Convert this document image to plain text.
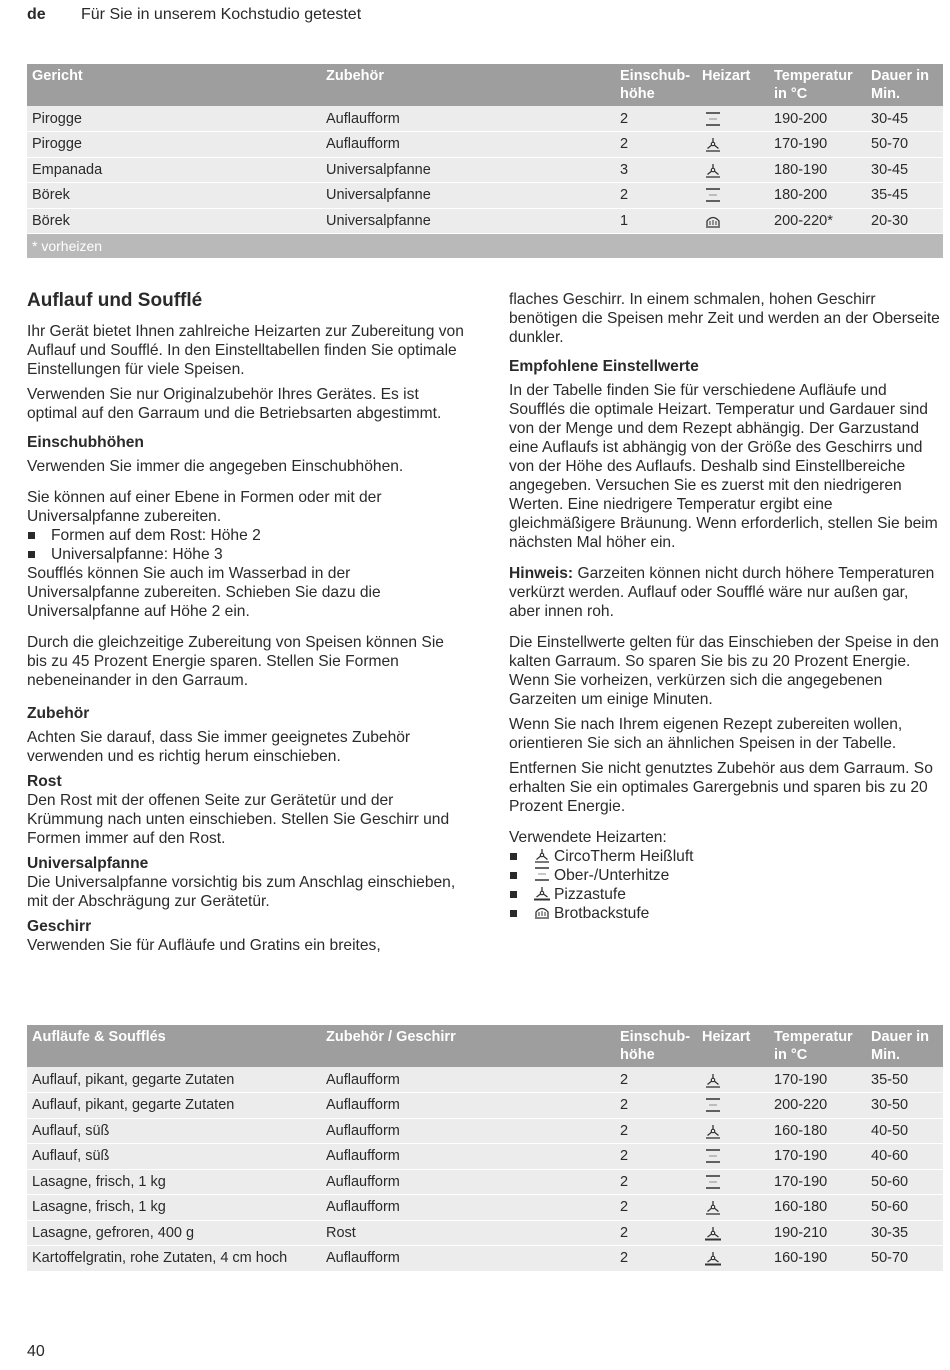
de Für Sie in unserem Kochstudio getestet
Gericht	Zubehör	Einschub-höhe	Heizart	Temperatur in °C	Dauer in Min.
Pirogge	Auflaufform	2		190-200	30-45
Pirogge	Auflaufform	2		170-190	50-70
Empanada	Universalpfanne	3		180-190	30-45
Börek	Universalpfanne	2		180-200	35-45
Börek	Universalpfanne	1		200-220*	20-30
* vorheizen					
Auflauf und Soufflé

Ihr Gerät bietet Ihnen zahlreiche Heizarten zur Zubereitung von Auflauf und Soufflé. In den Einstelltabellen finden Sie optimale Einstellungen für viele Speisen.

Verwenden Sie nur Originalzubehör Ihres Gerätes. Es ist optimal auf den Garraum und die Betriebsarten abgestimmt.

Einschubhöhen

Verwenden Sie immer die angegeben Einschubhöhen.

Sie können auf einer Ebene in Formen oder mit der Universalpfanne zubereiten.

Formen auf dem Rost: Höhe 2
Universalpfanne: Höhe 3

Soufflés können Sie auch im Wasserbad in der Universalpfanne zubereiten. Schieben Sie dazu die Universalpfanne auf Höhe 2 ein.

Durch die gleichzeitige Zubereitung von Speisen können Sie bis zu 45 Prozent Energie sparen. Stellen Sie Formen nebeneinander in den Garraum.

Zubehör

Achten Sie darauf, dass Sie immer geeignetes Zubehör verwenden und es richtig herum einschieben.

Rost

Den Rost mit der offenen Seite zur Gerätetür und der Krümmung nach unten einschieben. Stellen Sie Geschirr und Formen immer auf den Rost.

Universalpfanne

Die Universalpfanne vorsichtig bis zum Anschlag einschieben, mit der Abschrägung zur Gerätetür.

Geschirr

Verwenden Sie für Aufläufe und Gratins ein breites,

flaches Geschirr. In einem schmalen, hohen Geschirr benötigen die Speisen mehr Zeit und werden an der Oberseite dunkler.

Empfohlene Einstellwerte

In der Tabelle finden Sie für verschiedene Aufläufe und Soufflés die optimale Heizart. Temperatur und Gardauer sind von der Menge und dem Rezept abhängig. Der Garzustand eine Auflaufs ist abhängig von der Größe des Geschirrs und von der Höhe des Auflaufs. Deshalb sind Einstellbereiche angegeben. Versuchen Sie es zuerst mit den niedrigeren Werten. Eine niedrigere Temperatur ergibt eine gleichmäßigere Bräunung. Wenn erforderlich, stellen Sie beim nächsten Mal höher ein.

Hinweis: Garzeiten können nicht durch höhere Temperaturen verkürzt werden. Auflauf oder Soufflé wäre nur außen gar, aber innen roh.

Die Einstellwerte gelten für das Einschieben der Speise in den kalten Garraum. So sparen Sie bis zu 20 Prozent Energie. Wenn Sie vorheizen, verkürzen sich die angegebenen Garzeiten um einige Minuten.

Wenn Sie nach Ihrem eigenen Rezept zubereiten wollen, orientieren Sie sich an ähnlichen Speisen in der Tabelle.

Entfernen Sie nicht genutztes Zubehör aus dem Garraum. So erhalten Sie ein optimales Garergebnis und sparen bis zu 20 Prozent Energie.

Verwendete Heizarten:

CircoTherm Heißluft
Ober-/Unterhitze
Pizzastufe
Brotbackstufe
Aufläufe & Soufflés	Zubehör / Geschirr	Einschub-höhe	Heizart	Temperatur in °C	Dauer in Min.
Auflauf, pikant, gegarte Zutaten	Auflaufform	2		170-190	35-50
Auflauf, pikant, gegarte Zutaten	Auflaufform	2		200-220	30-50
Auflauf, süß	Auflaufform	2		160-180	40-50
Auflauf, süß	Auflaufform	2		170-190	40-60
Lasagne, frisch, 1 kg	Auflaufform	2		170-190	50-60
Lasagne, frisch, 1 kg	Auflaufform	2		160-180	50-60
Lasagne, gefroren, 400 g	Rost	2		190-210	30-35
Kartoffelgratin, rohe Zutaten, 4 cm hoch	Auflaufform	2		160-190	50-70
40
